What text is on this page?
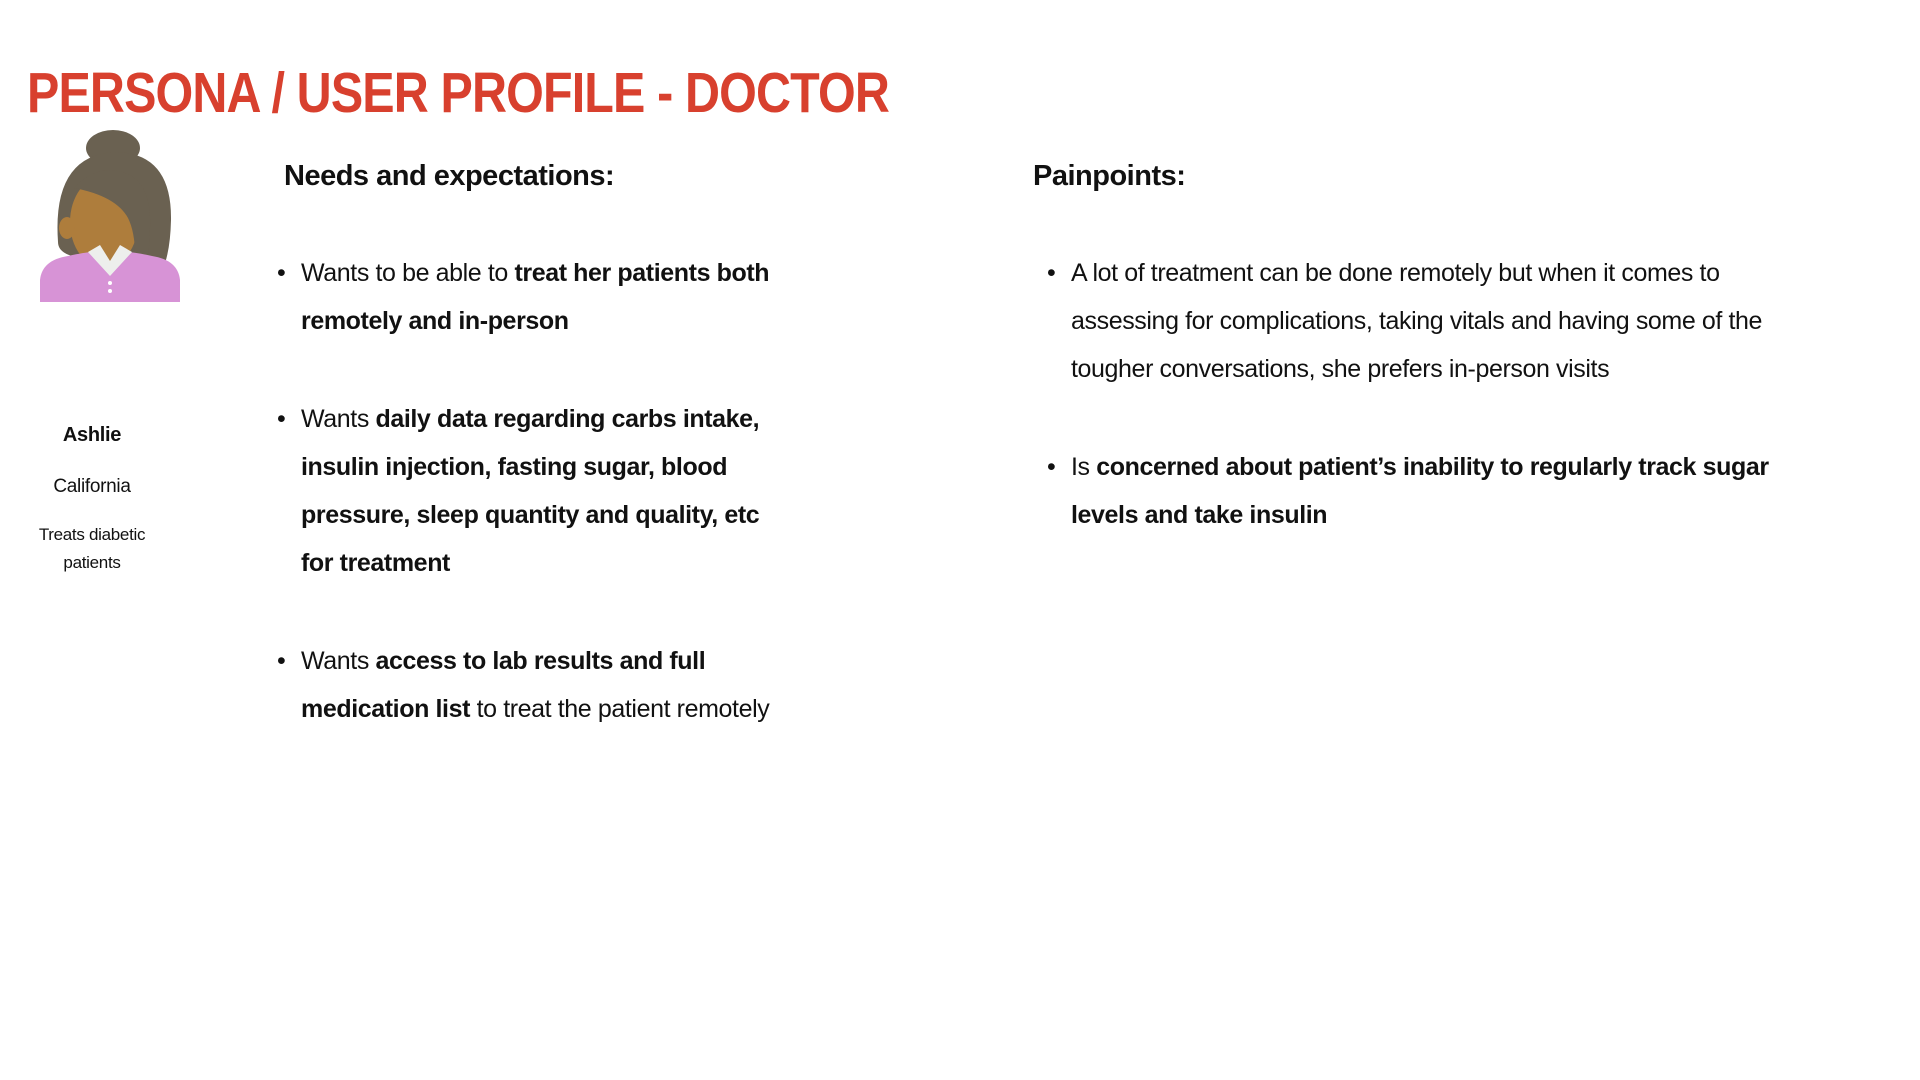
PERSONA / USER PROFILE - DOCTOR
Ashlie
California
Treats diabetic patients
Needs and expectations:
• Wants to be able to treat her patients both remotely and in-person
• Wants daily data regarding carbs intake, insulin injection, fasting sugar, blood pressure, sleep quantity and quality, etc for treatment
• Wants access to lab results and full medication list to treat the patient remotely
Painpoints:
• A lot of treatment can be done remotely but when it comes to assessing for complications, taking vitals and having some of the tougher conversations, she prefers in-person visits
• Is concerned about patient’s inability to regularly track sugar levels and take insulin
